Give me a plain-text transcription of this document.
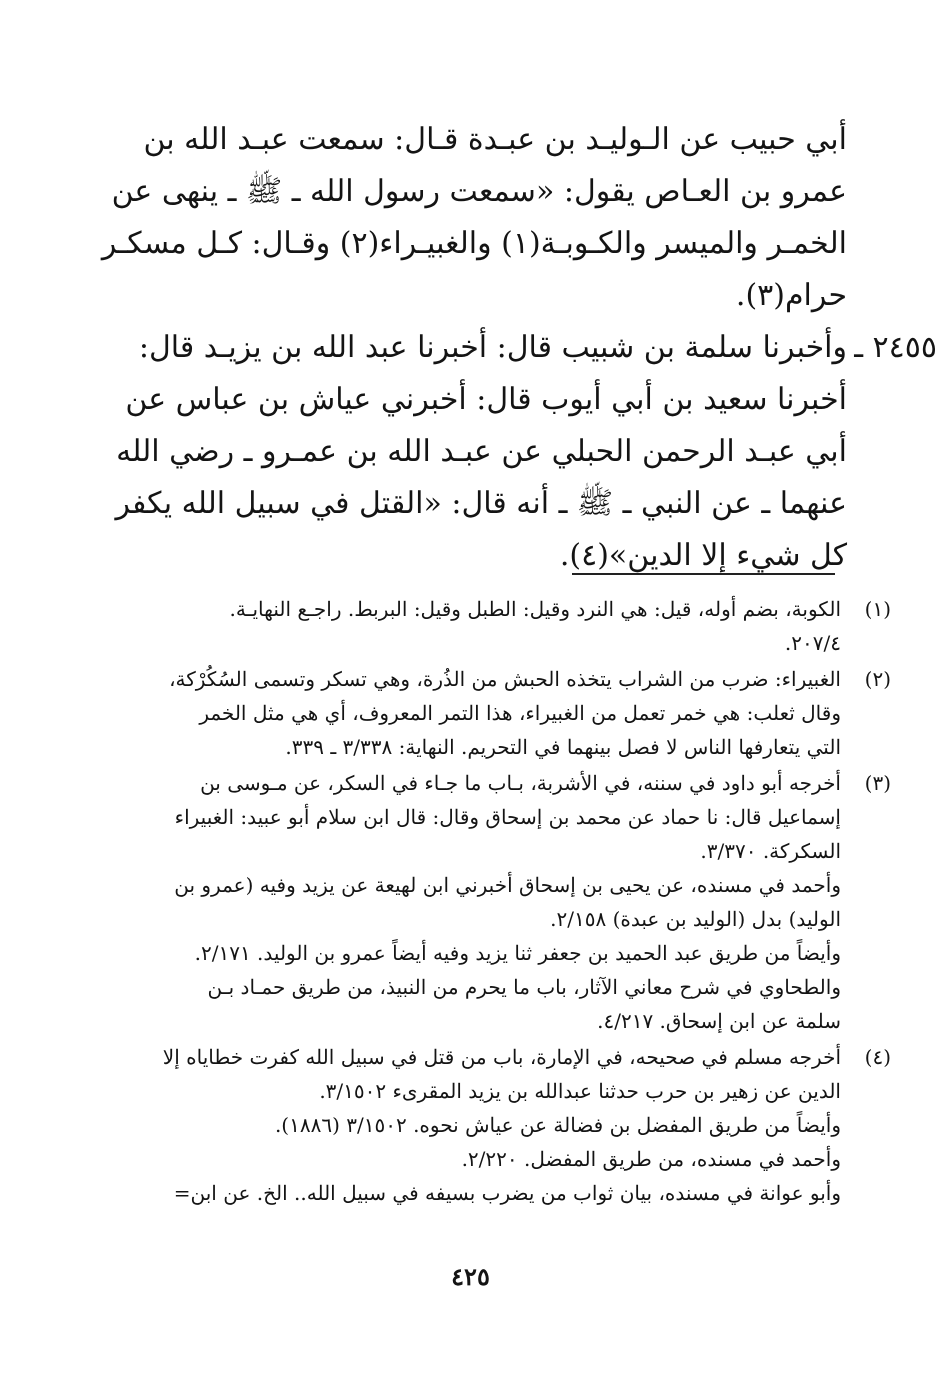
أبي حبيب عن الـوليـد بن عبـدة قـال: سمعت عبـد الله بن
عمرو بن العـاص يقول: «سمعت رسول الله ـ ﷺ ـ ينهى عن
الخمـر والميسر والكـوبـة(١) والغبيـراء(٢) وقـال: كـل مسكـر
حرام(٣).
٢٤٥٥ ـ
وأخبرنا سلمة بن شبيب قال: أخبرنا عبد الله بن يزيـد قال:
أخبرنا سعيد بن أبي أيوب قال: أخبرني عياش بن عباس عن
أبي عبـد الرحمن الحبلي عن عبـد الله بن عمـرو ـ رضي الله
عنهما ـ عن النبي ـ ﷺ ـ أنه قال: «القتل في سبيل الله يكفر
كل شيء إلا الدين»(٤).
(١)
الكوبة، بضم أوله، قيل: هي النرد وقيل: الطبل وقيل: البربط. راجـع النهايـة.
٢٠٧/٤.
(٢)
الغبيراء: ضرب من الشراب يتخذه الحبش من الذُرة، وهي تسكر وتسمى السُكُرْكة،
وقال ثعلب: هي خمر تعمل من الغبيراء، هذا التمر المعروف، أي هي مثل الخمر
التي يتعارفها الناس لا فصل بينهما في التحريم. النهاية: ٣/٣٣٨ ـ ٣٣٩.
(٣)
أخرجه أبو داود في سننه، في الأشربة، بـاب ما جـاء في السكر، عن مـوسى بن
إسماعيل قال: نا حماد عن محمد بن إسحاق وقال: قال ابن سلام أبو عبيد: الغبيراء
السكركة. ٣/٣٧٠.
وأحمد في مسنده، عن يحيى بن إسحاق أخبرني ابن لهيعة عن يزيد وفيه (عمرو بن
الوليد) بدل (الوليد بن عبدة) ٢/١٥٨.
وأيضاً من طريق عبد الحميد بن جعفر ثنا يزيد وفيه أيضاً عمرو بن الوليد. ٢/١٧١.
والطحاوي في شرح معاني الآثار، باب ما يحرم من النبيذ، من طريق حمـاد بـن
سلمة عن ابن إسحاق. ٤/٢١٧.
(٤)
أخرجه مسلم في صحيحه، في الإمارة، باب من قتل في سبيل الله كفرت خطاياه إلا
الدين عن زهير بن حرب حدثنا عبدالله بن يزيد المقرىء ٣/١٥٠٢.
وأيضاً من طريق المفضل بن فضالة عن عياش نحوه. ٣/١٥٠٢ (١٨٨٦).
وأحمد في مسنده، من طريق المفضل. ٢/٢٢٠.
وأبو عوانة في مسنده، بيان ثواب من يضرب بسيفه في سبيل الله.. الخ. عن ابن=
٤٢٥
